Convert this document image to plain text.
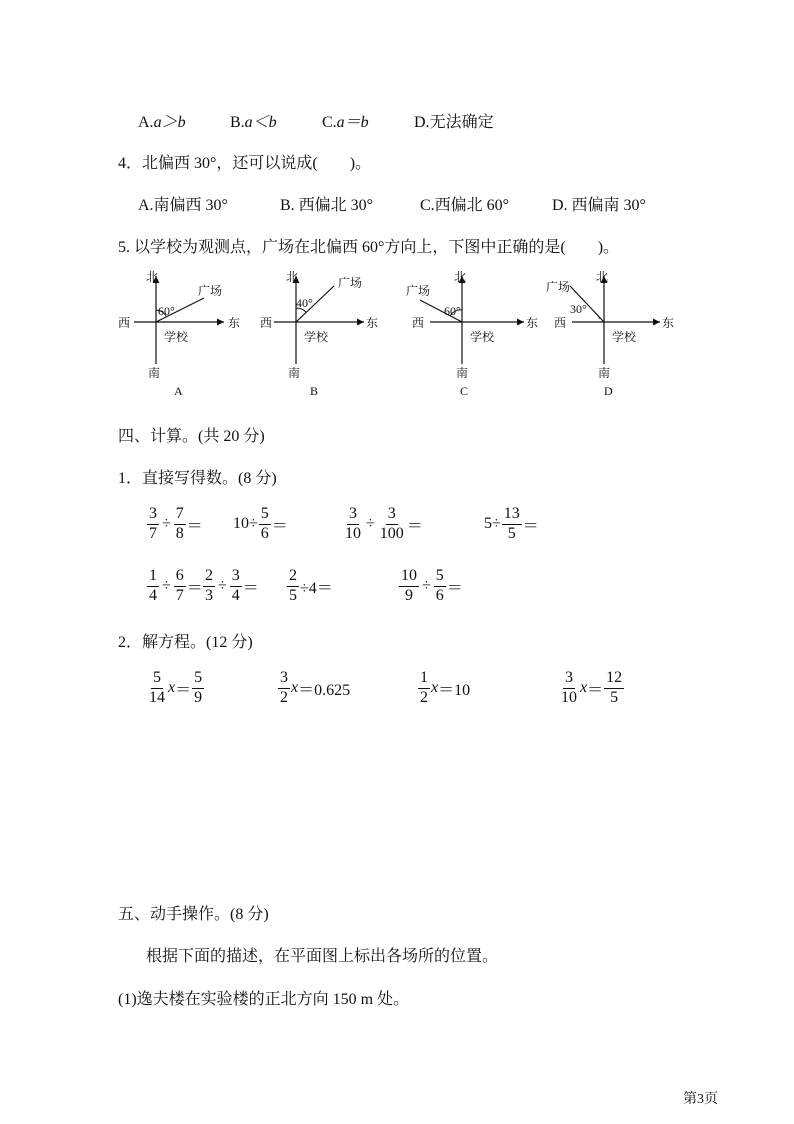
A.a＞b	B.a＜b	C.a＝b	D.无法确定
4．北偏西 30°，还可以说成(　　)。
A.南偏西 30°	B. 西偏北 30°	C.西偏北 60°	D. 西偏南 30°
5. 以学校为观测点，广场在北偏西 60°方向上，下图中正确的是(　　)。
北
西	东
南
学校
广场
60°
A
北
西	东
南
学校
广场
40°
B
北
西	东
南
学校
广场
60°
C
北
西	东
南
学校
广场
30°
D
四、计算。(共 20 分)
1．直接写得数。(8 分)
$\frac{3}{7} \div \frac{7}{8} = 10\div \frac{5}{6}$ ＝	$\frac{3}{10} \div \frac{3}{100}$ ＝	$5\div \frac{13}{5}$ ＝
$\frac{1}{4} \div \frac{6}{7} = \frac{2}{3} \div \frac{3}{4} = \frac{2}{5} \div 4=$	$\frac{10}{9} \div \frac{5}{6}$ ＝
2．解方程。(12 分)
$\frac{5}{14}$ $x = \frac{5}{9}$	$\frac{3}{2}$ x ＝0.625	$\frac{1}{2}$ x ＝10	$\frac{3}{10}$ $x = \frac{12}{5}$
五、动手操作。(8 分)
根据下面的描述，在平面图上标出各场所的位置。
(1)逸夫楼在实验楼的正北方向 150 m 处。
第3页
